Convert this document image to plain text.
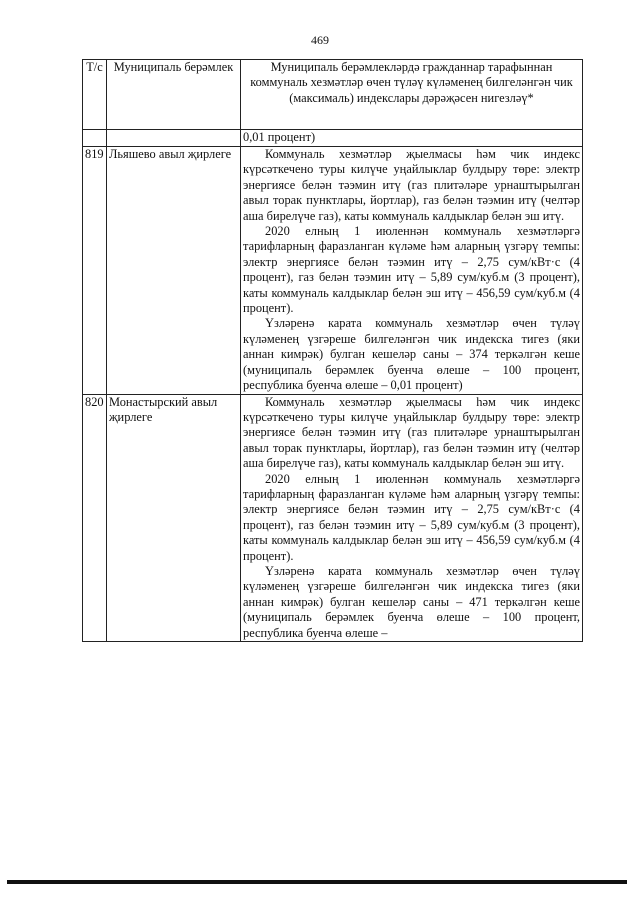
469
Т/с	Муниципаль берәмлек	Муниципаль берәмлекләрдә гражданнар тарафыннан коммуналь хезмәтләр өчен түләү күләменең билгеләнгән чик (максималь) индекслары дәрәҗәсен нигезләү*
		0,01 процент)
819	Льяшево авыл җирлеге	Коммуналь хезмәтләр җыелмасы һәм чик индекс күрсәткечено туры килүче уңайлыклар булдыру төре: электр энергиясе белән тәэмин итү (газ плитәләре урнаштырылган авыл торак пунктлары, йортлар), газ белән тәэмин итү (челтәр аша бирелүче газ), каты коммуналь калдыклар белән эш итү.

2020 елның 1 июленнән коммуналь хезмәтләргә тарифларның фаразланган күләме һәм аларның үзгәрү темпы: электр энергиясе белән тәэмин итү – 2,75 сум/кВт·с (4 процент), газ белән тәэмин итү – 5,89 сум/куб.м (3 процент), каты коммуналь калдыклар белән эш итү – 456,59 сум/куб.м (4 процент).

Үзләренә карата коммуналь хезмәтләр өчен түләү күләменең үзгәреше билгеләнгән чик индекска тигез (яки аннан кимрәк) булган кешеләр саны – 374 теркәлгән кеше (муниципаль берәмлек буенча өлеше – 100 процент, республика буенча өлеше – 0,01 процент)

820	Монастырский авыл җирлеге	Коммуналь хезмәтләр җыелмасы һәм чик индекс күрсәткечено туры килүче уңайлыклар булдыру төре: электр энергиясе белән тәэмин итү (газ плитәләре урнаштырылган авыл торак пунктлары, йортлар), газ белән тәэмин итү (челтәр аша бирелүче газ), каты коммуналь калдыклар белән эш итү.

2020 елның 1 июленнән коммуналь хезмәтләргә тарифларның фаразланган күләме һәм аларның үзгәрү темпы: электр энергиясе белән тәэмин итү – 2,75 сум/кВт·с (4 процент), газ белән тәэмин итү – 5,89 сум/куб.м (3 процент), каты коммуналь калдыклар белән эш итү – 456,59 сум/куб.м (4 процент).

Үзләренә карата коммуналь хезмәтләр өчен түләү күләменең үзгәреше билгеләнгән чик индекска тигез (яки аннан кимрәк) булган кешеләр саны – 471 теркәлгән кеше (муниципаль берәмлек буенча өлеше – 100 процент, республика буенча өлеше –
